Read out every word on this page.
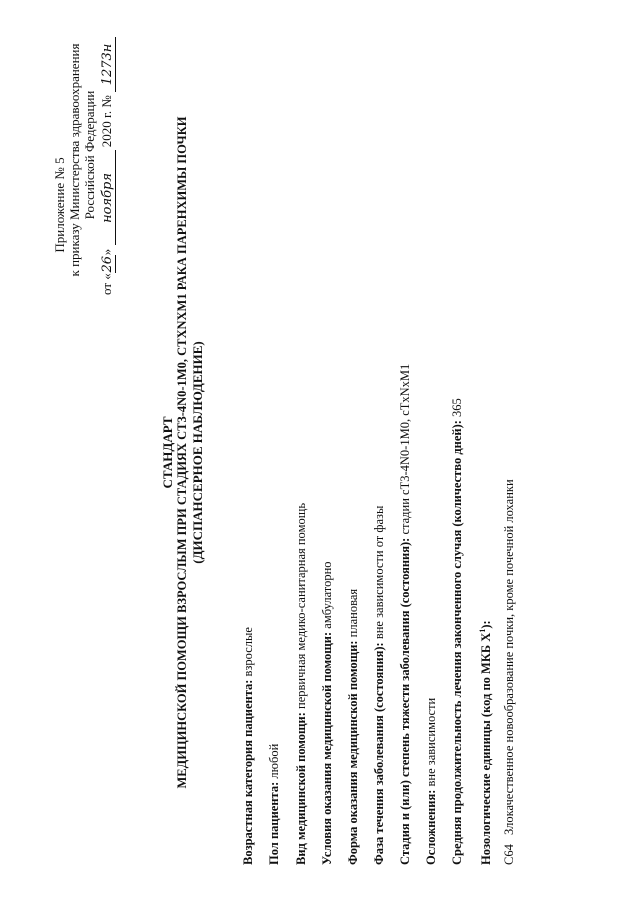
Приложение № 5 к приказу Министерства здравоохранения Российской Федерации
от «26» ноября 2020 г. № 1273н
СТАНДАРТ МЕДИЦИНСКОЙ ПОМОЩИ ВЗРОСЛЫМ ПРИ СТАДИЯХ CT3-4N0-1M0, CTXNXM1 РАКА ПАРЕНХИМЫ ПОЧКИ (ДИСПАНСЕРНОЕ НАБЛЮДЕНИЕ)
Возрастная категория пациента: взрослые
Пол пациента: любой Вид медицинской помощи: первичная медико-санитарная помощь
Условия оказания медицинской помощи: амбулаторно
Форма оказания медицинской помощи: плановая
Фаза течения заболевания (состояния): вне зависимости от фазы Стадия и (или) степень тяжести заболевания (состояния): стадии cT3-4N0-1M0, cTxNxM1
Осложнения: вне зависимости Средняя продолжительность лечения законченного случая (количество дней): 365
Нозологические единицы (код по МКБ $X^1$):
C64Злокачественное новообразование почки, кроме почечной лоханки
